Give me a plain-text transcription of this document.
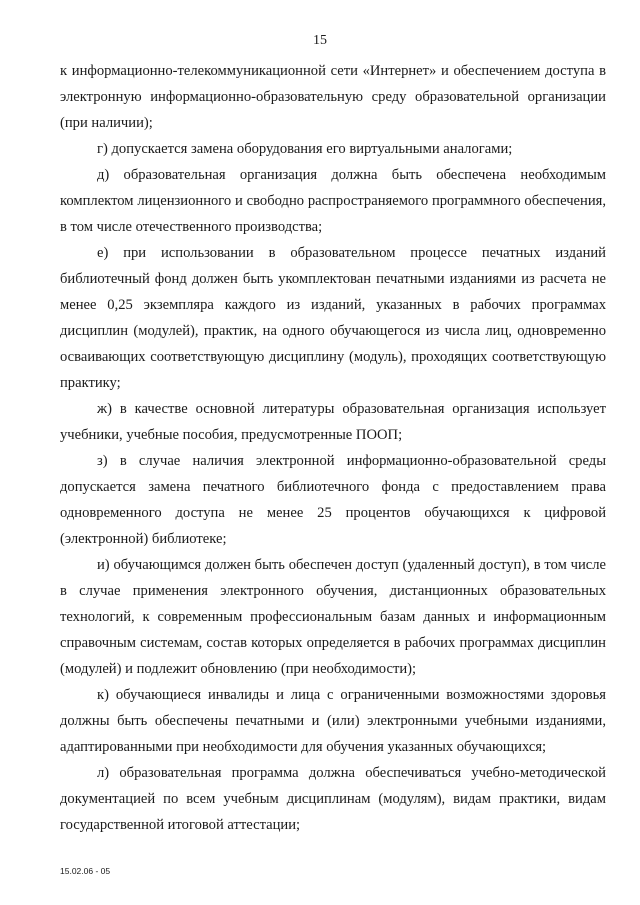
15

к информационно-телекоммуникационной сети «Интернет» и обеспечением доступа в электронную информационно-образовательную среду образовательной организации (при наличии);

г) допускается замена оборудования его виртуальными аналогами;

д) образовательная организация должна быть обеспечена необходимым комплектом лицензионного и свободно распространяемого программного обеспечения, в том числе отечественного производства;

е) при использовании в образовательном процессе печатных изданий библиотечный фонд должен быть укомплектован печатными изданиями из расчета не менее 0,25 экземпляра каждого из изданий, указанных в рабочих программах дисциплин (модулей), практик, на одного обучающегося из числа лиц, одновременно осваивающих соответствующую дисциплину (модуль), проходящих соответствующую практику;

ж) в качестве основной литературы образовательная организация использует учебники, учебные пособия, предусмотренные ПООП;

з) в случае наличия электронной информационно-образовательной среды допускается замена печатного библиотечного фонда с предоставлением права одновременного доступа не менее 25 процентов обучающихся к цифровой (электронной) библиотеке;

и) обучающимся должен быть обеспечен доступ (удаленный доступ), в том числе в случае применения электронного обучения, дистанционных образовательных технологий, к современным профессиональным базам данных и информационным справочным системам, состав которых определяется в рабочих программах дисциплин (модулей) и подлежит обновлению (при необходимости);

к) обучающиеся инвалиды и лица с ограниченными возможностями здоровья должны быть обеспечены печатными и (или) электронными учебными изданиями, адаптированными при необходимости для обучения указанных обучающихся;

л) образовательная программа должна обеспечиваться учебно-методической документацией по всем учебным дисциплинам (модулям), видам практики, видам государственной итоговой аттестации;

15.02.06 - 05
